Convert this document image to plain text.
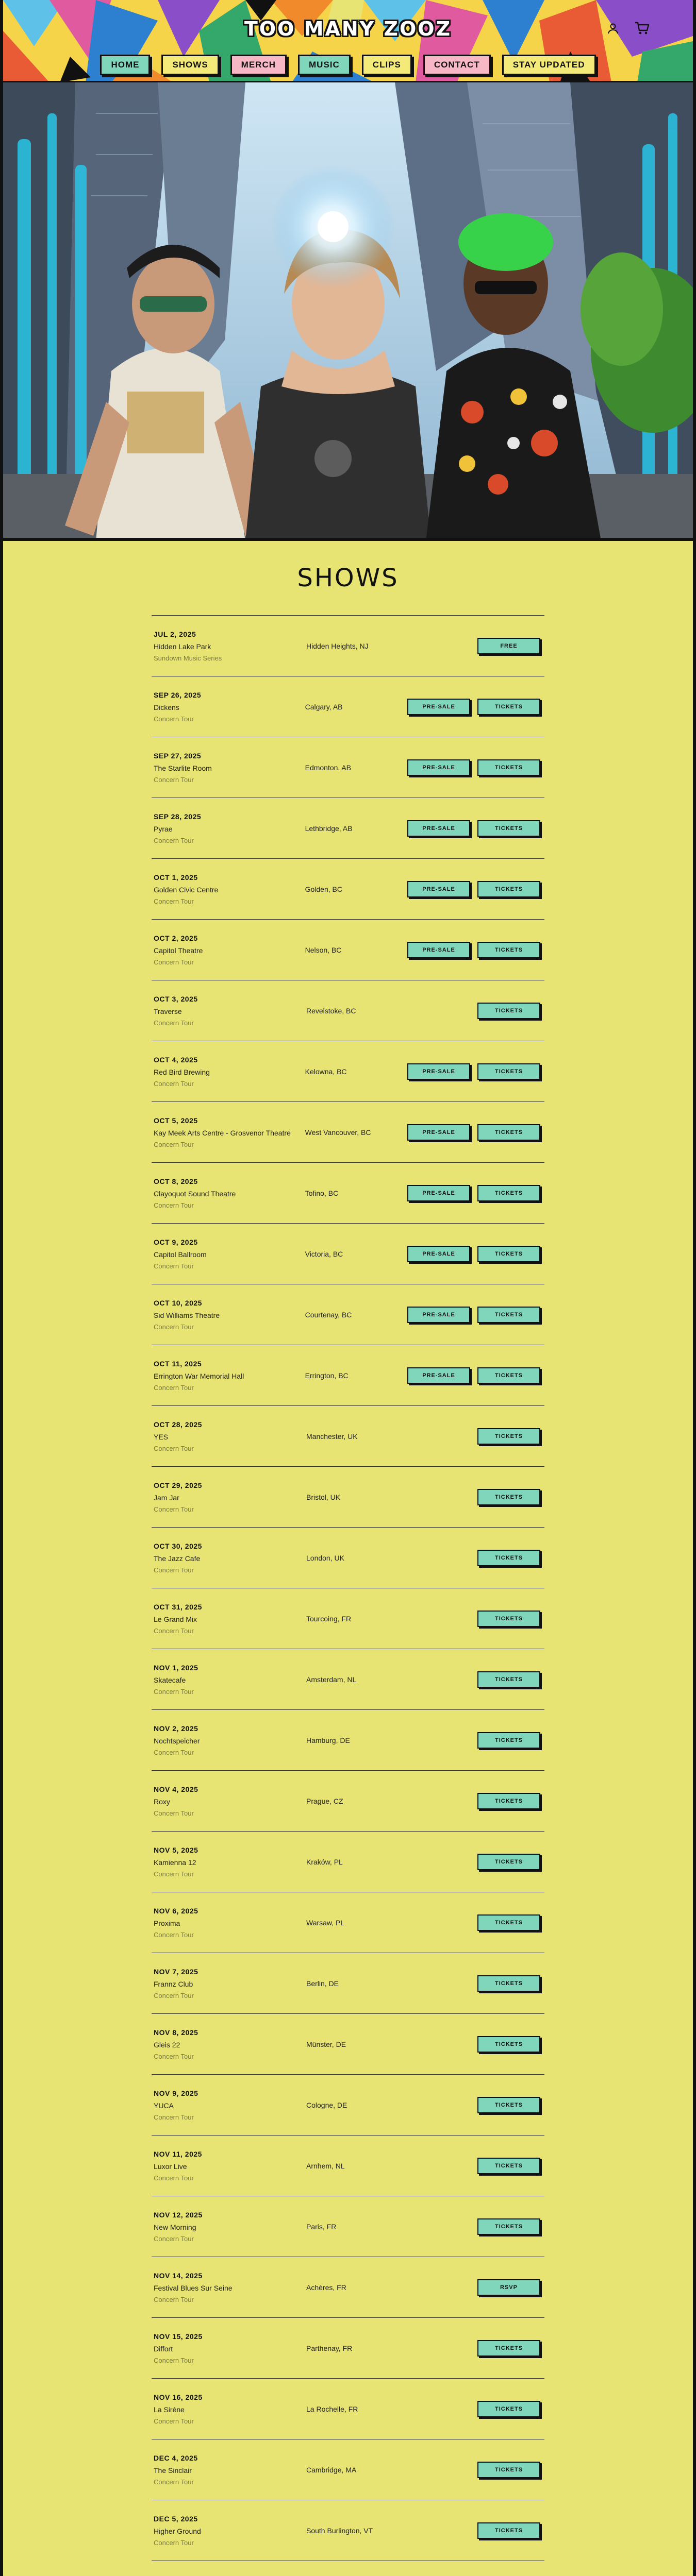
TOO MANY ZOOZ
HOME	SHOWS	MERCH	MUSIC	CLIPS	CONTACT	STAY UPDATED
SHOWS
JUL 2, 2025
Hidden Lake Park
Sundown Music Series
Hidden Heights, NJ	FREE
SEP 26, 2025
Dickens
Concern Tour
Calgary, AB	PRE-SALE	TICKETS
SEP 27, 2025
The Starlite Room
Concern Tour
Edmonton, AB	PRE-SALE	TICKETS
SEP 28, 2025
Pyrae
Concern Tour
Lethbridge, AB	PRE-SALE	TICKETS
OCT 1, 2025
Golden Civic Centre
Concern Tour
Golden, BC	PRE-SALE	TICKETS
OCT 2, 2025
Capitol Theatre
Concern Tour
Nelson, BC	PRE-SALE	TICKETS
OCT 3, 2025
Traverse
Concern Tour
Revelstoke, BC	TICKETS
OCT 4, 2025
Red Bird Brewing
Concern Tour
Kelowna, BC	PRE-SALE	TICKETS
OCT 5, 2025
Kay Meek Arts Centre - Grosvenor Theatre
Concern Tour
West Vancouver, BC	PRE-SALE	TICKETS
OCT 8, 2025
Clayoquot Sound Theatre
Concern Tour
Tofino, BC	PRE-SALE	TICKETS
OCT 9, 2025
Capitol Ballroom
Concern Tour
Victoria, BC	PRE-SALE	TICKETS
OCT 10, 2025
Sid Williams Theatre
Concern Tour
Courtenay, BC	PRE-SALE	TICKETS
OCT 11, 2025
Errington War Memorial Hall
Concern Tour
Errington, BC	PRE-SALE	TICKETS
OCT 28, 2025
YES
Concern Tour
Manchester, UK	TICKETS
OCT 29, 2025
Jam Jar
Concern Tour
Bristol, UK	TICKETS
OCT 30, 2025
The Jazz Cafe
Concern Tour
London, UK	TICKETS
OCT 31, 2025
Le Grand Mix
Concern Tour
Tourcoing, FR	TICKETS
NOV 1, 2025
Skatecafe
Concern Tour
Amsterdam, NL	TICKETS
NOV 2, 2025
Nochtspeicher
Concern Tour
Hamburg, DE	TICKETS
NOV 4, 2025
Roxy
Concern Tour
Prague, CZ	TICKETS
NOV 5, 2025
Kamienna 12
Concern Tour
Kraków, PL	TICKETS
NOV 6, 2025
Proxima
Concern Tour
Warsaw, PL	TICKETS
NOV 7, 2025
Frannz Club
Concern Tour
Berlin, DE	TICKETS
NOV 8, 2025
Gleis 22
Concern Tour
Münster, DE	TICKETS
NOV 9, 2025
YUCA
Concern Tour
Cologne, DE	TICKETS
NOV 11, 2025
Luxor Live
Concern Tour
Arnhem, NL	TICKETS
NOV 12, 2025
New Morning
Concern Tour
Paris, FR	TICKETS
NOV 14, 2025
Festival Blues Sur Seine
Concern Tour
Achères, FR	RSVP
NOV 15, 2025
Diffort
Concern Tour
Parthenay, FR	TICKETS
NOV 16, 2025
La Sirène
Concern Tour
La Rochelle, FR	TICKETS
DEC 4, 2025
The Sinclair
Concern Tour
Cambridge, MA	TICKETS
DEC 5, 2025
Higher Ground
Concern Tour
South Burlington, VT	TICKETS
